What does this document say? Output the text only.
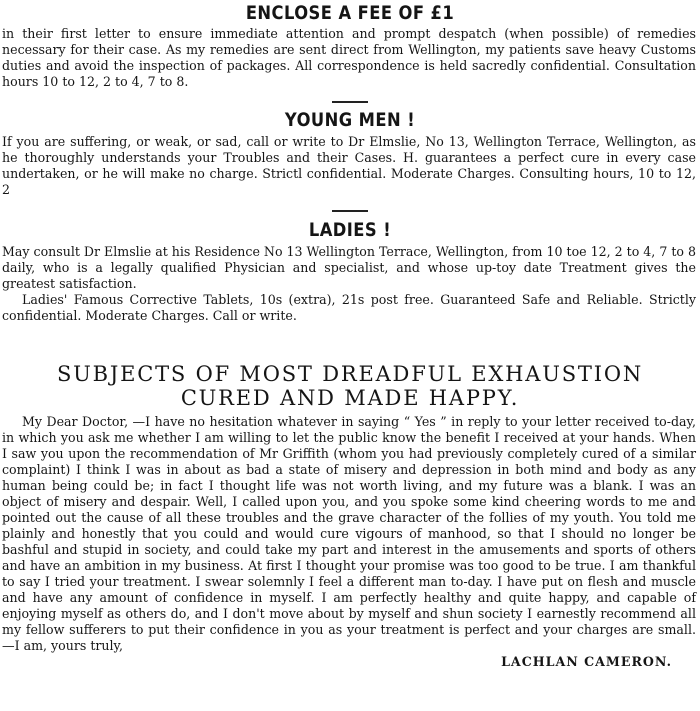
ENCLOSE A FEE OF £1

in their first letter to ensure immediate attention and prompt despatch (when possible) of remedies necessary for their case. As my remedies are sent direct from Wellington, my patients save heavy Customs duties and avoid the inspection of packages. All correspondence is held sacredly confidential. Consultation hours 10 to 12, 2 to 4, 7 to 8.

YOUNG MEN !

If you are suffering, or weak, or sad, call or write to Dr Elmslie, No 13, Wellington Terrace, Wellington, as he thoroughly understands your Troubles and their Cases. H. guarantees a perfect cure in every case undertaken, or he will make no charge. Strictl confidential. Moderate Charges. Consulting hours, 10 to 12, 2

LADIES !

May consult Dr Elmslie at his Residence No 13 Wellington Terrace, Wellington, from 10 toe 12, 2 to 4, 7 to 8 daily, who is a legally qualified Physician and specialist, and whose up-toy date Treatment gives the greatest satisfaction.

Ladies' Famous Corrective Tablets, 10s (extra), 21s post free. Guaranteed Safe and Reliable. Strictly confidential. Moderate Charges. Call or write.

SUBJECTS OF MOST DREADFUL EXHAUSTION

CURED AND MADE HAPPY.

My Dear Doctor, —I have no hesitation whatever in saying “ Yes ” in reply to your letter received to-day, in which you ask me whether I am willing to let the public know the benefit I received at your hands. When I saw you upon the recommendation of Mr Griffith (whom you had previously completely cured of a similar complaint) I think I was in about as bad a state of misery and depression in both mind and body as any human being could be; in fact I thought life was not worth living, and my future was a blank. I was an object of misery and despair. Well, I called upon you, and you spoke some kind cheering words to me and pointed out the cause of all these troubles and the grave character of the follies of my youth. You told me plainly and honestly that you could and would cure vigours of manhood, so that I should no longer be bashful and stupid in society, and could take my part and interest in the amusements and sports of others and have an ambition in my business. At first I thought your promise was too good to be true. I am thankful to say I tried your treatment. I swear solemnly I feel a different man to-day. I have put on flesh and muscle and have any amount of confidence in myself. I am perfectly healthy and quite happy, and capable of enjoying myself as others do, and I don't move about by myself and shun society I earnestly recommend all my fellow sufferers to put their confidence in you as your treatment is perfect and your charges are small. —I am, yours truly,

LACHLAN CAMERON.
